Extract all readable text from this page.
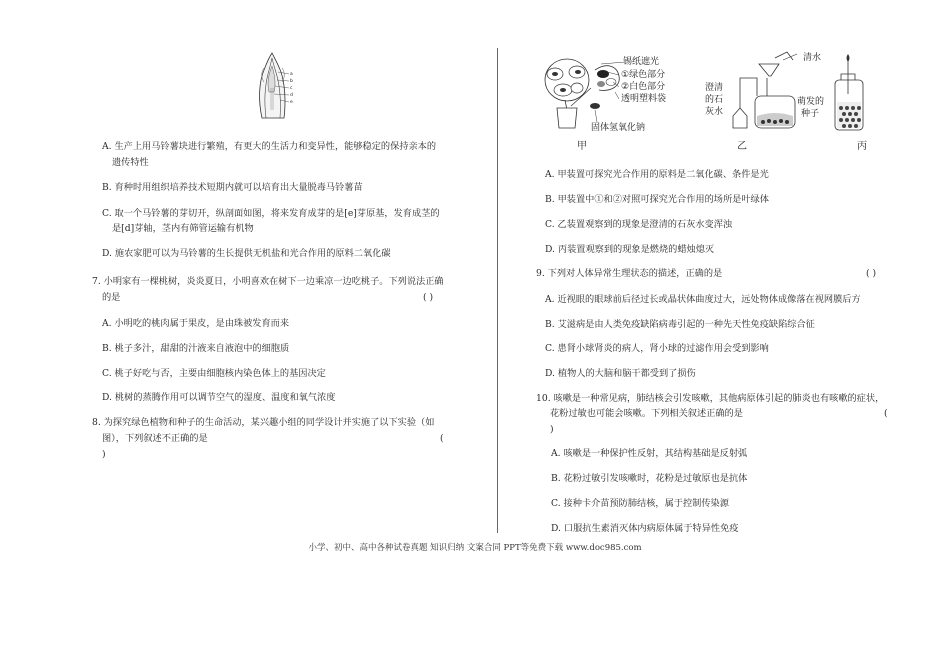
a
b
c
d
e
A. 生产上用马铃薯块进行繁殖，有更大的生活力和变异性，能够稳定的保持亲本的
遗传特性
B. 育种时用组织培养技术短期内就可以培育出大量脱毒马铃薯苗
C. 取一个马铃薯的芽切开，纵剖面如图，将来发育成芽的是[e]芽原基，发育成茎的
是[d]芽轴，茎内有筛管运输有机物
D. 施农家肥可以为马铃薯的生长提供无机盐和光合作用的原料二氧化碳
7. 小明家有一棵桃树，炎炎夏日，小明喜欢在树下一边乘凉一边吃桃子。下列说法正确
的是	( )
A. 小明吃的桃肉属于果皮，是由珠被发育而来
B. 桃子多汁，甜甜的汁液来自液泡中的细胞质
C. 桃子好吃与否，主要由细胞核内染色体上的基因决定
D. 桃树的蒸腾作用可以调节空气的湿度、温度和氧气浓度
8. 为探究绿色植物和种子的生命活动，某兴趣小组的同学设计并实施了以下实验（如
图），下列叙述不正确的是	(
)
锡纸遮光
①绿色部分
②白色部分
透明塑料袋
固体氢氧化钠
清水
澄清
的石
灰水
萌发的
种子
甲	乙	丙
A. 甲装置可探究光合作用的原料是二氧化碳、条件是光
B. 甲装置中①和②对照可探究光合作用的场所是叶绿体
C. 乙装置观察到的现象是澄清的石灰水变浑浊
D. 丙装置观察到的现象是燃烧的蜡烛熄灭
9. 下列对人体异常生理状态的描述，正确的是	( )
A. 近视眼的眼球前后径过长或晶状体曲度过大，远处物体成像落在视网膜后方
B. 艾滋病是由人类免疫缺陷病毒引起的一种先天性免疫缺陷综合征
C. 患肾小球肾炎的病人，肾小球的过滤作用会受到影响
D. 植物人的大脑和脑干都受到了损伤
10. 咳嗽是一种常见病，肺结核会引发咳嗽，其他病原体引起的肺炎也有咳嗽的症状，
花粉过敏也可能会咳嗽。下列相关叙述正确的是	(
)
A. 咳嗽是一种保护性反射，其结构基础是反射弧
B. 花粉过敏引发咳嗽时，花粉是过敏原也是抗体
C. 接种卡介苗预防肺结核，属于控制传染源
D. 口服抗生素消灭体内病原体属于特异性免疫
小学、初中、高中各种试卷真题 知识归纳 文案合同 PPT等免费下载 www.doc985.com
